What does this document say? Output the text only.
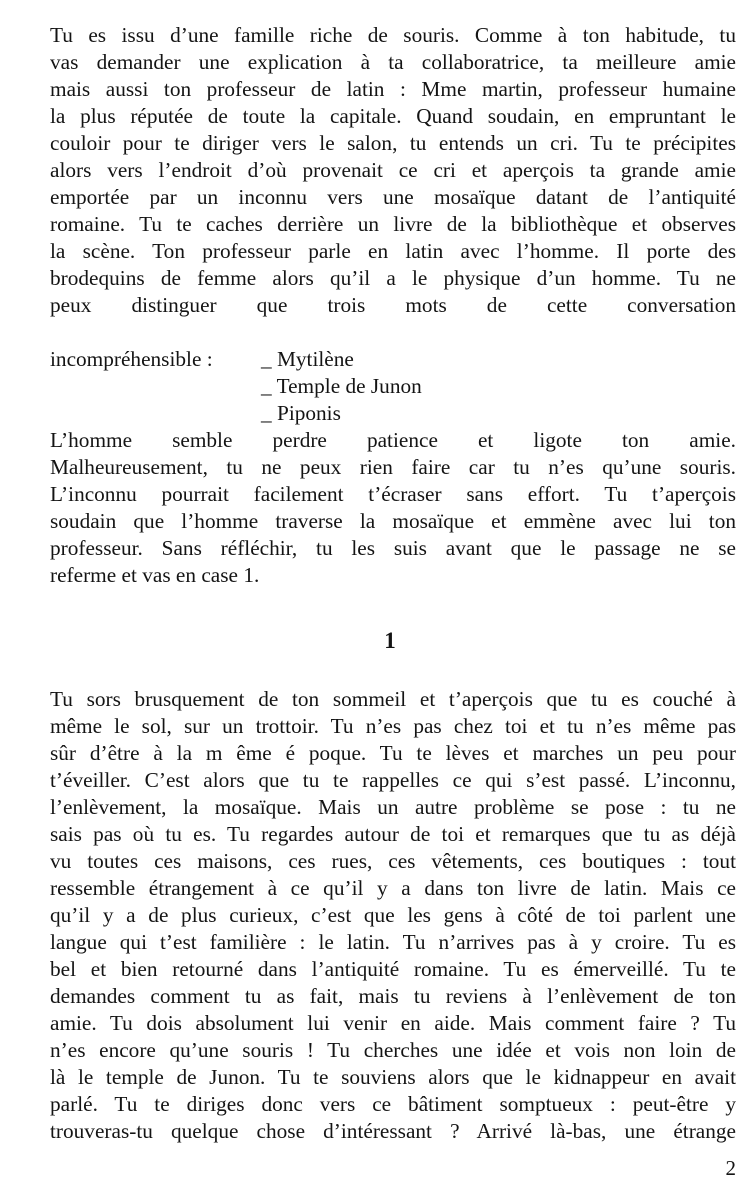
Tu es issu d’une famille riche de souris. Comme à ton habitude, tu
vas demander une explication à ta collaboratrice, ta meilleure amie
mais aussi ton professeur de latin : Mme martin, professeur humaine
la plus réputée de toute la capitale. Quand soudain, en empruntant le
couloir pour te diriger vers le salon, tu entends un cri. Tu te précipites
alors vers l’endroit d’où provenait ce cri et aperçois ta grande amie
emportée par un inconnu vers une mosaïque datant de l’antiquité
romaine. Tu te caches derrière un livre de la bibliothèque et observes
la scène. Ton professeur parle en latin avec l’homme. Il porte des
brodequins de femme alors qu’il a le physique d’un homme. Tu ne
peux distinguer que trois mots de cette conversation
incompréhensible : _ Mytilène
_ Temple de Junon
_ Piponis
L’homme semble perdre patience et ligote ton amie.
Malheureusement, tu ne peux rien faire car tu n’es qu’une souris.
L’inconnu pourrait facilement t’écraser sans effort. Tu t’aperçois
soudain que l’homme traverse la mosaïque et emmène avec lui ton
professeur. Sans réfléchir, tu les suis avant que le passage ne se
referme et vas en case 1.
1
Tu sors brusquement de ton sommeil et t’aperçois que tu es couché à
même le sol, sur un trottoir. Tu n’es pas chez toi et tu n’es même pas
sûr d’être à la m ême é poque. Tu te lèves et marches un peu pour
t’éveiller. C’est alors que tu te rappelles ce qui s’est passé. L’inconnu,
l’enlèvement, la mosaïque. Mais un autre problème se pose : tu ne
sais pas où tu es. Tu regardes autour de toi et remarques que tu as déjà
vu toutes ces maisons, ces rues, ces vêtements, ces boutiques : tout
ressemble étrangement à ce qu’il y a dans ton livre de latin. Mais ce
qu’il y a de plus curieux, c’est que les gens à côté de toi parlent une
langue qui t’est familière : le latin. Tu n’arrives pas à y croire. Tu es
bel et bien retourné dans l’antiquité romaine. Tu es émerveillé. Tu te
demandes comment tu as fait, mais tu reviens à l’enlèvement de ton
amie. Tu dois absolument lui venir en aide. Mais comment faire ? Tu
n’es encore qu’une souris ! Tu cherches une idée et vois non loin de
là le temple de Junon. Tu te souviens alors que le kidnappeur en avait
parlé. Tu te diriges donc vers ce bâtiment somptueux : peut-être y
trouveras-tu quelque chose d’intéressant ? Arrivé là-bas, une étrange
2
